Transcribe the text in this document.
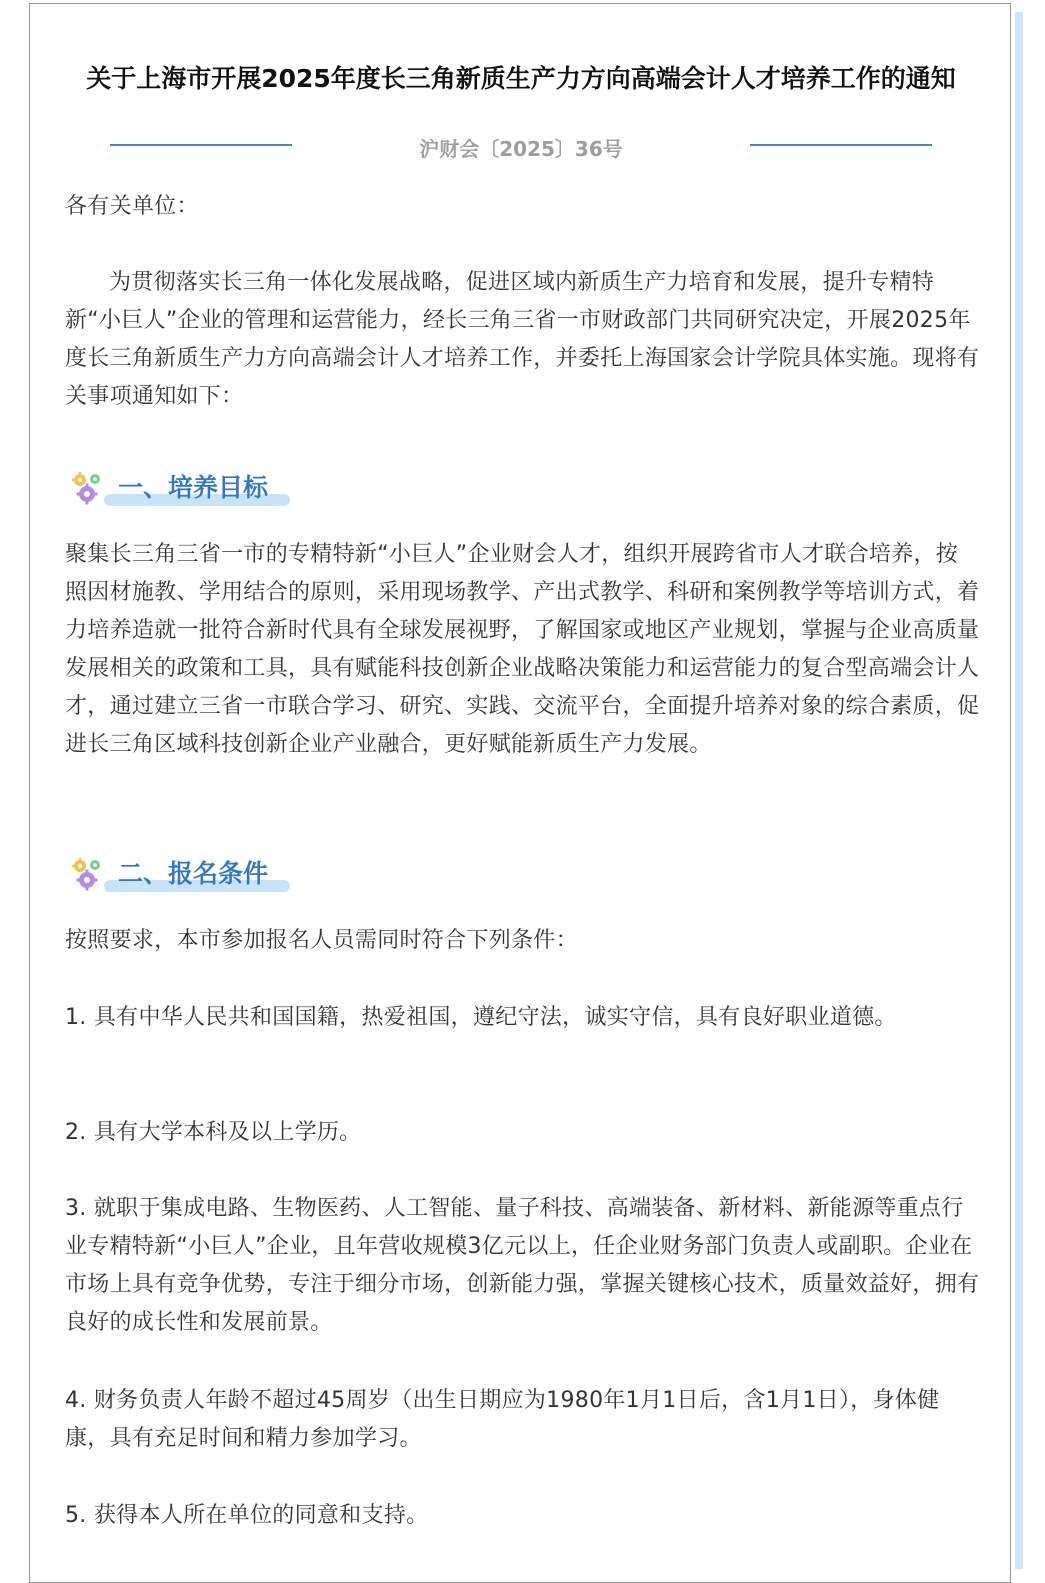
关于上海市开展2025年度长三角新质生产力方向高端会计人才培养工作的通知
沪财会〔2025〕36号

各有关单位：

为贯彻落实长三角一体化发展战略，促进区域内新质生产力培育和发展，提升专精特新“小巨人”企业的管理和运营能力，经长三角三省一市财政部门共同研究决定，开展2025年度长三角新质生产力方向高端会计人才培养工作，并委托上海国家会计学院具体实施。现将有关事项通知如下：

一、培养目标

聚集长三角三省一市的专精特新“小巨人”企业财会人才，组织开展跨省市人才联合培养，按照因材施教、学用结合的原则，采用现场教学、产出式教学、科研和案例教学等培训方式，着力培养造就一批符合新时代具有全球发展视野，了解国家或地区产业规划，掌握与企业高质量发展相关的政策和工具，具有赋能科技创新企业战略决策能力和运营能力的复合型高端会计人才，通过建立三省一市联合学习、研究、实践、交流平台，全面提升培养对象的综合素质，促进长三角区域科技创新企业产业融合，更好赋能新质生产力发展。

二、报名条件

按照要求，本市参加报名人员需同时符合下列条件：

1. 具有中华人民共和国国籍，热爱祖国，遵纪守法，诚实守信，具有良好职业道德。

2. 具有大学本科及以上学历。

3. 就职于集成电路、生物医药、人工智能、量子科技、高端装备、新材料、新能源等重点行业专精特新“小巨人”企业，且年营收规模3亿元以上，任企业财务部门负责人或副职。企业在市场上具有竞争优势，专注于细分市场，创新能力强，掌握关键核心技术，质量效益好，拥有良好的成长性和发展前景。

4. 财务负责人年龄不超过45周岁（出生日期应为1980年1月1日后，含1月1日），身体健康，具有充足时间和精力参加学习。

5. 获得本人所在单位的同意和支持。
